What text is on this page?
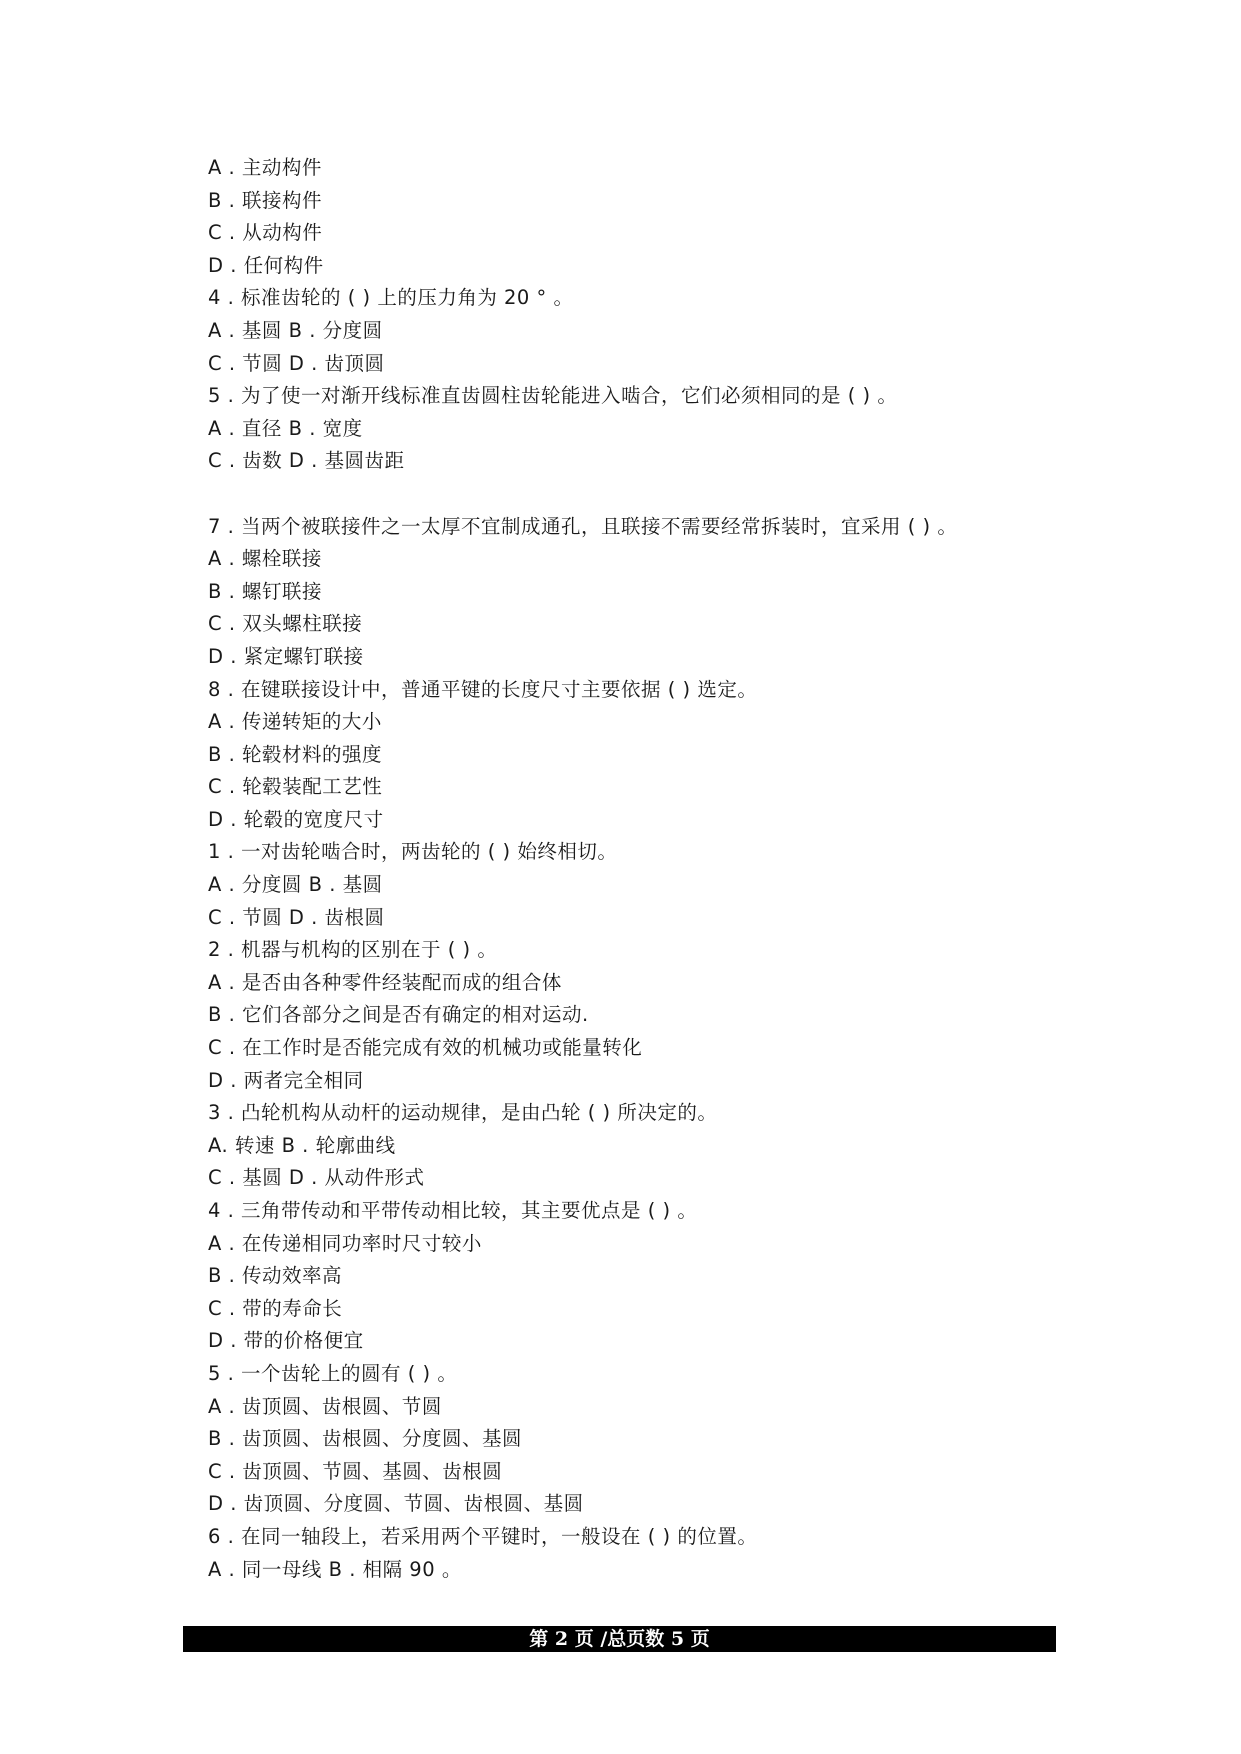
A . 主动构件
B . 联接构件
C . 从动构件
D . 任何构件
4 . 标准齿轮的 ( ) 上的压力角为 20 ° 。
A . 基圆 B . 分度圆
C . 节圆 D . 齿顶圆
5 . 为了使一对渐开线标准直齿圆柱齿轮能进入啮合，它们必须相同的是 ( ) 。
A . 直径 B . 宽度
C . 齿数 D . 基圆齿距
7 . 当两个被联接件之一太厚不宜制成通孔，且联接不需要经常拆装时，宜采用 ( ) 。
A . 螺栓联接
B . 螺钉联接
C . 双头螺柱联接
D . 紧定螺钉联接
8 . 在键联接设计中，普通平键的长度尺寸主要依据 ( ) 选定。
A . 传递转矩的大小
B . 轮毂材料的强度
C . 轮毂装配工艺性
D . 轮毂的宽度尺寸
1 . 一对齿轮啮合时，两齿轮的 ( ) 始终相切。
A . 分度圆 B . 基圆
C . 节圆 D . 齿根圆
2 . 机器与机构的区别在于 ( ) 。
A . 是否由各种零件经装配而成的组合体
B . 它们各部分之间是否有确定的相对运动.
C . 在工作时是否能完成有效的机械功或能量转化
D . 两者完全相同
3 . 凸轮机构从动杆的运动规律，是由凸轮 ( ) 所决定的。
A. 转速 B . 轮廓曲线
C . 基圆 D . 从动件形式
4 . 三角带传动和平带传动相比较，其主要优点是 ( ) 。
A . 在传递相同功率时尺寸较小
B . 传动效率高
C . 带的寿命长
D . 带的价格便宜
5 . 一个齿轮上的圆有 ( ) 。
A . 齿顶圆、齿根圆、节圆
B . 齿顶圆、齿根圆、分度圆、基圆
C . 齿顶圆、节圆、基圆、齿根圆
D . 齿顶圆、分度圆、节圆、齿根圆、基圆
6 . 在同一轴段上，若采用两个平键时，一般设在 ( ) 的位置。
A . 同一母线 B . 相隔 90 。
第 2 页 /总页数 5 页
